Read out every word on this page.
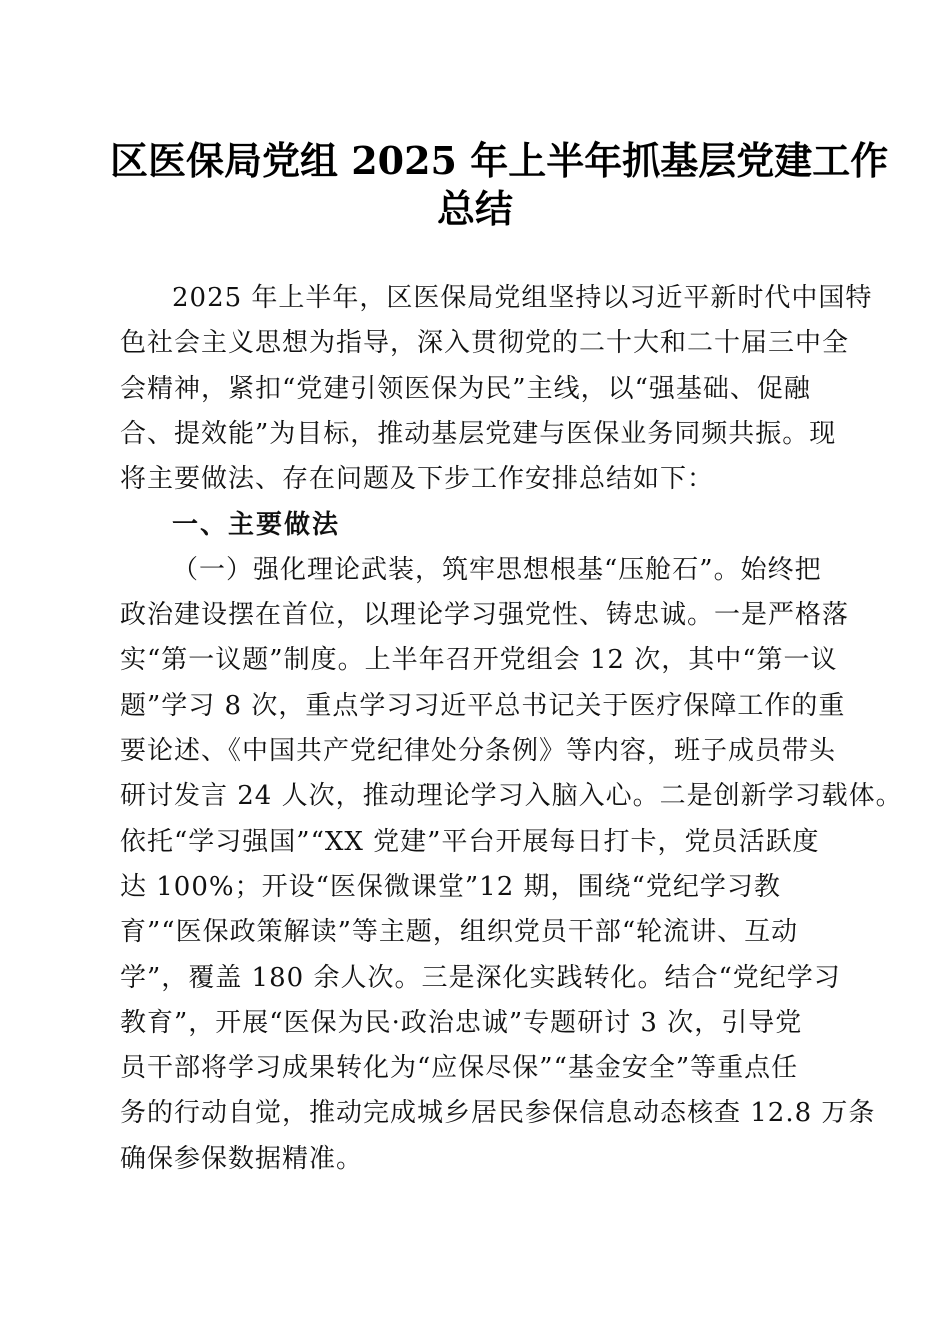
区医保局党组 2025 年上半年抓基层党建工作
总结
2025 年上半年，区医保局党组坚持以习近平新时代中国特
色社会主义思想为指导，深入贯彻党的二十大和二十届三中全
会精神，紧扣“党建引领医保为民”主线，以“强基础、促融
合、提效能”为目标，推动基层党建与医保业务同频共振。现
将主要做法、存在问题及下步工作安排总结如下：
一、主要做法
（一）强化理论武装，筑牢思想根基“压舱石”。始终把
政治建设摆在首位，以理论学习强党性、铸忠诚。一是严格落
实“第一议题”制度。上半年召开党组会 12 次，其中“第一议
题”学习 8 次，重点学习习近平总书记关于医疗保障工作的重
要论述、《中国共产党纪律处分条例》等内容，班子成员带头
研讨发言 24 人次，推动理论学习入脑入心。二是创新学习载体。
依托“学习强国”“XX 党建”平台开展每日打卡，党员活跃度
达 100%；开设“医保微课堂”12 期，围绕“党纪学习教
育”“医保政策解读”等主题，组织党员干部“轮流讲、互动
学”，覆盖 180 余人次。三是深化实践转化。结合“党纪学习
教育”，开展“医保为民·政治忠诚”专题研讨 3 次，引导党
员干部将学习成果转化为“应保尽保”“基金安全”等重点任
务的行动自觉，推动完成城乡居民参保信息动态核查 12.8 万条
确保参保数据精准。
